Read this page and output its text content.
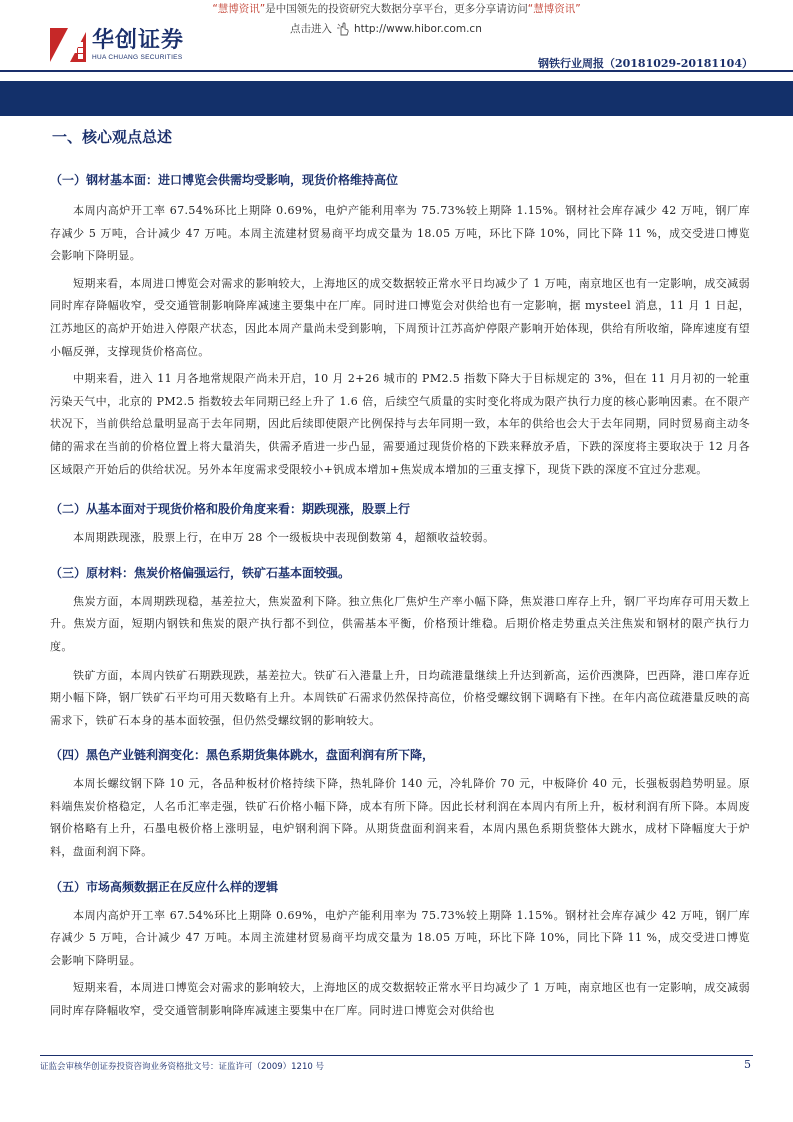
“慧博资讯”是中国领先的投资研究大数据分享平台，更多分享请访问“慧博资讯”
点击进入 http://www.hibor.com.cn
华创证券
HUA CHUANG SECURITIES	钢铁行业周报（20181029-20181104）
一、核心观点总述
（一）钢材基本面：进口博览会供需均受影响，现货价格维持高位

本周内高炉开工率 67.54%环比上期降 0.69%，电炉产能利用率为 75.73%较上期降 1.15%。钢材社会库存减少 42 万吨，钢厂库存减少 5 万吨，合计减少 47 万吨。本周主流建材贸易商平均成交量为 18.05 万吨，环比下降 10%，同比下降 11 %，成交受进口博览会影响下降明显。

短期来看，本周进口博览会对需求的影响较大，上海地区的成交数据较正常水平日均减少了 1 万吨，南京地区也有一定影响，成交减弱同时库存降幅收窄，受交通管制影响降库减速主要集中在厂库。同时进口博览会对供给也有一定影响，据 mysteel 消息，11 月 1 日起，江苏地区的高炉开始进入停限产状态，因此本周产量尚未受到影响，下周预计江苏高炉停限产影响开始体现，供给有所收缩，降库速度有望小幅反弹，支撑现货价格高位。

中期来看，进入 11 月各地常规限产尚未开启，10 月 2+26 城市的 PM2.5 指数下降大于目标规定的 3%，但在 11 月月初的一轮重污染天气中，北京的 PM2.5 指数较去年同期已经上升了 1.6 倍，后续空气质量的实时变化将成为限产执行力度的核心影响因素。在不限产状况下，当前供给总量明显高于去年同期，因此后续即使限产比例保持与去年同期一致，本年的供给也会大于去年同期，同时贸易商主动冬储的需求在当前的价格位置上将大量消失，供需矛盾进一步凸显，需要通过现货价格的下跌来释放矛盾，下跌的深度将主要取决于 12 月各区域限产开始后的供给状况。另外本年度需求受限较小+钒成本增加+焦炭成本增加的三重支撑下，现货下跌的深度不宜过分悲观。

（二）从基本面对于现货价格和股价角度来看：期跌现涨，股票上行

本周期跌现涨，股票上行，在申万 28 个一级板块中表现倒数第 4，超额收益较弱。

（三）原材料：焦炭价格偏强运行，铁矿石基本面较强。

焦炭方面，本周期跌现稳，基差拉大，焦炭盈利下降。独立焦化厂焦炉生产率小幅下降，焦炭港口库存上升，钢厂平均库存可用天数上升。焦炭方面，短期内钢铁和焦炭的限产执行都不到位，供需基本平衡，价格预计维稳。后期价格走势重点关注焦炭和钢材的限产执行力度。

铁矿方面，本周内铁矿石期跌现跌，基差拉大。铁矿石入港量上升，日均疏港量继续上升达到新高，运价西澳降，巴西降，港口库存近期小幅下降，钢厂铁矿石平均可用天数略有上升。本周铁矿石需求仍然保持高位，价格受螺纹钢下调略有下挫。在年内高位疏港量反映的高需求下，铁矿石本身的基本面较强，但仍然受螺纹钢的影响较大。

（四）黑色产业链利润变化：黑色系期货集体跳水，盘面利润有所下降，

本周长螺纹钢下降 10 元，各品种板材价格持续下降，热轧降价 140 元，冷轧降价 70 元，中板降价 40 元，长强板弱趋势明显。原料端焦炭价格稳定，人名币汇率走强，铁矿石价格小幅下降，成本有所下降。因此长材利润在本周内有所上升，板材利润有所下降。本周废钢价格略有上升，石墨电极价格上涨明显，电炉钢利润下降。从期货盘面利润来看，本周内黑色系期货整体大跳水，成材下降幅度大于炉料，盘面利润下降。

（五）市场高频数据正在反应什么样的逻辑

本周内高炉开工率 67.54%环比上期降 0.69%，电炉产能利用率为 75.73%较上期降 1.15%。钢材社会库存减少 42 万吨，钢厂库存减少 5 万吨，合计减少 47 万吨。本周主流建材贸易商平均成交量为 18.05 万吨，环比下降 10%，同比下降 11 %，成交受进口博览会影响下降明显。

短期来看，本周进口博览会对需求的影响较大，上海地区的成交数据较正常水平日均减少了 1 万吨，南京地区也有一定影响，成交减弱同时库存降幅收窄，受交通管制影响降库减速主要集中在厂库。同时进口博览会对供给也

证监会审核华创证券投资咨询业务资格批文号：证监许可（2009）1210 号	5
